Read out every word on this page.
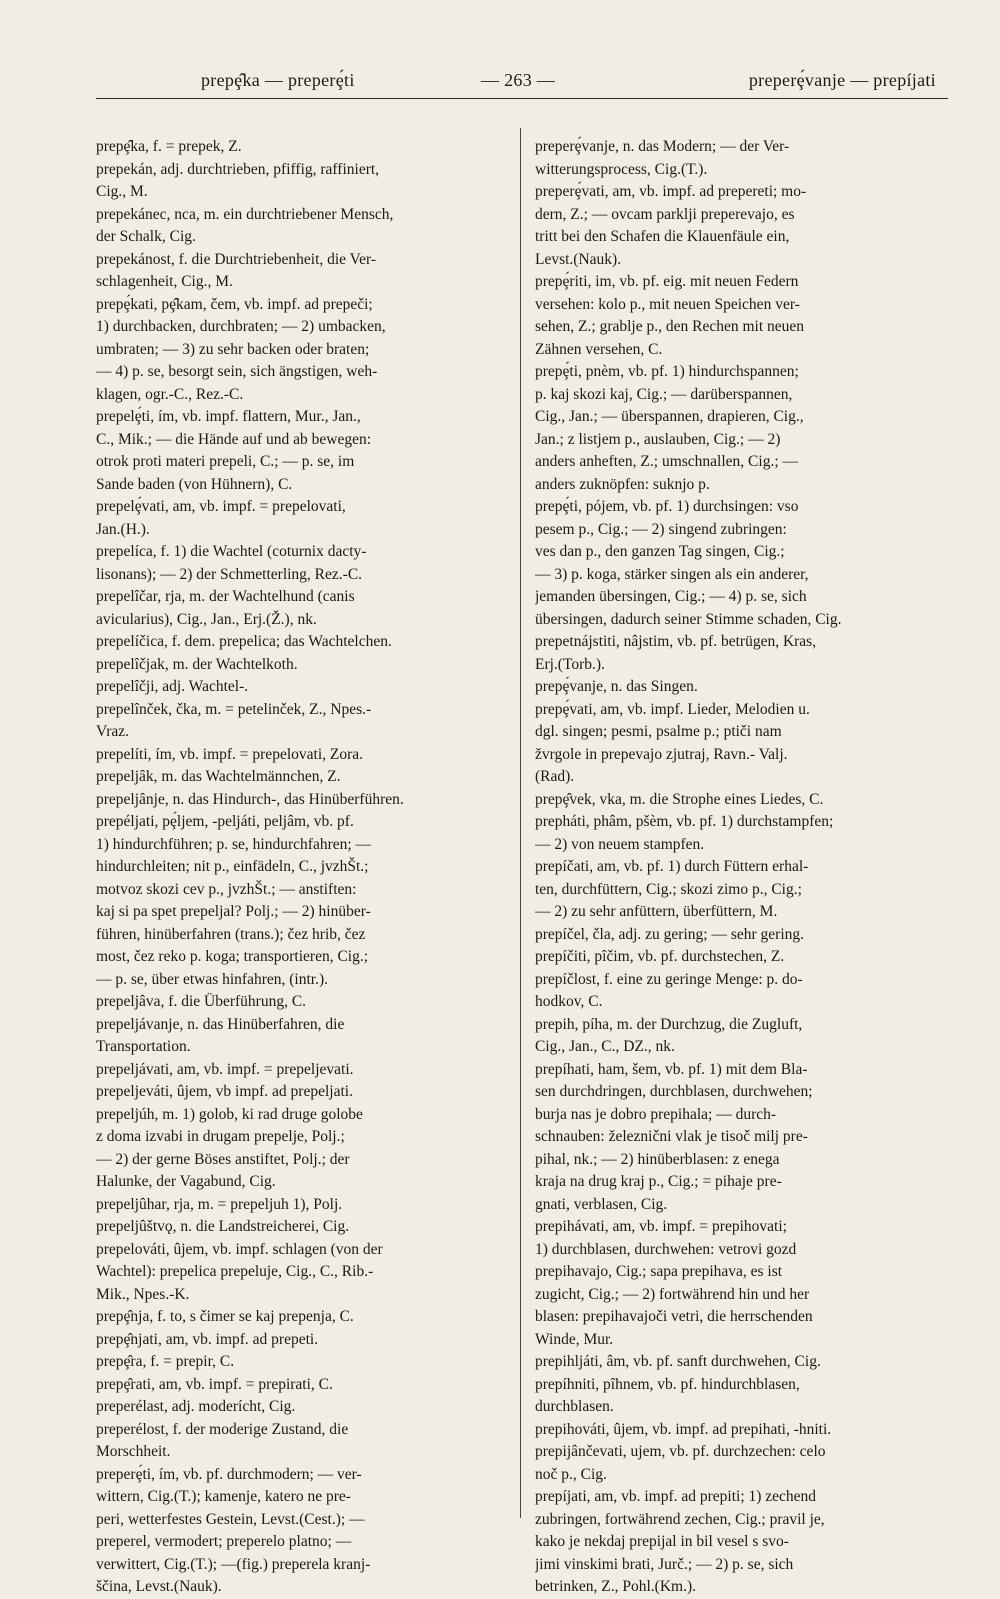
prepȩ̂ka — preperȩ́ti	— 263 —	preperȩ́vanje — prepíjati
prepȩ̂ka, f. = prepek, Z.
prepekán, adj. durchtrieben, pfiffig, raffiniert,
Cig., M.
prepekánec, nca, m. ein durchtriebener Mensch,
der Schalk, Cig.
prepekánost, f. die Durchtriebenheit, die Ver-
schlagenheit, Cig., M.
prepȩ́kati, pȩ̂kam, čem, vb. impf. ad prepeči;
1) durchbacken, durchbraten; — 2) umbacken,
umbraten; — 3) zu sehr backen oder braten;
— 4) p. se, besorgt sein, sich ängstigen, weh-
klagen, ogr.-C., Rez.-C.
prepelȩ́ti, ím, vb. impf. flattern, Mur., Jan.,
C., Mik.; — die Hände auf und ab bewegen:
otrok proti materi prepeli, C.; — p. se, im
Sande baden (von Hühnern), C.
prepelȩ́vati, am, vb. impf. = prepelovati,
Jan.(H.).
prepelíca, f. 1) die Wachtel (coturnix dacty-
lisonans); — 2) der Schmetterling, Rez.-C.
prepelîčar, rja, m. der Wachtelhund (canis
avicularius), Cig., Jan., Erj.(Ž.), nk.
prepelíčica, f. dem. prepelica; das Wachtelchen.
prepelîčjak, m. der Wachtelkoth.
prepelîčji, adj. Wachtel-.
prepelînček, čka, m. = petelinček, Z., Npes.-
Vraz.
prepelíti, ím, vb. impf. = prepelovati, Zora.
prepeljȃk, m. das Wachtelmännchen, Z.
prepeljȃnje, n. das Hindurch-, das Hinüberführen.
prepéljati, pȩ́ljem, -peljáti, peljâm, vb. pf.
1) hindurchführen; p. se, hindurchfahren; —
hindurchleiten; nit p., einfädeln, C., jvzhŠt.;
motvoz skozi cev p., jvzhŠt.; — anstiften:
kaj si pa spet prepeljal? Polj.; — 2) hinüber-
führen, hinüberfahren (trans.); čez hrib, čez
most, čez reko p. koga; transportieren, Cig.;
— p. se, über etwas hinfahren, (intr.).
prepeljâva, f. die Überführung, C.
prepeljávanje, n. das Hinüberfahren, die
Transportation.
prepeljávati, am, vb. impf. = prepeljevati.
prepeljeváti, ûjem, vb impf. ad prepeljati.
prepeljúh, m. 1) golob, ki rad druge golobe
z doma izvabi in drugam prepelje, Polj.;
— 2) der gerne Böses anstiftet, Polj.; der
Halunke, der Vagabund, Cig.
prepeljûhar, rja, m. = prepeljuh 1), Polj.
prepeljûštvǫ, n. die Landstreicherei, Cig.
prepelováti, ûjem, vb. impf. schlagen (von der
Wachtel): prepelica prepeluje, Cig., C., Rib.-
Mik., Npes.-K.
prepȩ̂nja, f. to, s čimer se kaj prepenja, C.
prepȩ̂njati, am, vb. impf. ad prepeti.
prepȩ̂ra, f. = prepir, C.
prepȩ̂rati, am, vb. impf. = prepirati, C.
preperélast, adj. moderícht, Cig.
preperélost, f. der moderige Zustand, die
Morschheit.
preperȩ́ti, ím, vb. pf. durchmodern; — ver-
wittern, Cig.(T.); kamenje, katero ne pre-
peri, wetterfestes Gestein, Levst.(Cest.); —
preperel, vermodert; preperelo platno; —
verwittert, Cig.(T.); —(fig.) preperela kranj-
ščina, Levst.(Nauk).
preperȩ́vanje, n. das Modern; — der Ver-
witterungsprocess, Cig.(T.).
preperȩ́vati, am, vb. impf. ad prepereti; mo-
dern, Z.; — ovcam parklji preperevajo, es
tritt bei den Schafen die Klauenfäule ein,
Levst.(Nauk).
prepȩ́riti, im, vb. pf. eig. mit neuen Federn
versehen: kolo p., mit neuen Speichen ver-
sehen, Z.; grablje p., den Rechen mit neuen
Zähnen versehen, C.
prepȩ́ti, pnèm, vb. pf. 1) hindurchspannen;
p. kaj skozi kaj, Cig.; — darüberspannen,
Cig., Jan.; — überspannen, drapieren, Cig.,
Jan.; z listjem p., auslauben, Cig.; — 2)
anders anheften, Z.; umschnallen, Cig.; —
anders zuknöpfen: suknjo p.
prepȩ́ti, pójem, vb. pf. 1) durchsingen: vso
pesem p., Cig.; — 2) singend zubringen:
ves dan p., den ganzen Tag singen, Cig.;
— 3) p. koga, stärker singen als ein anderer,
jemanden übersingen, Cig.; — 4) p. se, sich
übersingen, dadurch seiner Stimme schaden, Cig.
prepetnájstiti, nâjstim, vb. pf. betrügen, Kras,
Erj.(Torb.).
prepȩ́vanje, n. das Singen.
prepȩ́vati, am, vb. impf. Lieder, Melodien u.
dgl. singen; pesmi, psalme p.; ptiči nam
žvrgole in prepevajo zjutraj, Ravn.- Valj.
(Rad).
prepȩ̂vek, vka, m. die Strophe eines Liedes, C.
prepháti, phâm, pšèm, vb. pf. 1) durchstampfen;
— 2) von neuem stampfen.
prepíčati, am, vb. pf. 1) durch Füttern erhal-
ten, durchfüttern, Cig.; skozi zimo p., Cig.;
— 2) zu sehr anfüttern, überfüttern, M.
prepíčel, čla, adj. zu gering; — sehr gering.
prepíčiti, pîčim, vb. pf. durchstechen, Z.
prepíčlost, f. eine zu geringe Menge: p. do-
hodkov, C.
prepih, píha, m. der Durchzug, die Zugluft,
Cig., Jan., C., DZ., nk.
prepíhati, ham, šem, vb. pf. 1) mit dem Bla-
sen durchdringen, durchblasen, durchwehen;
burja nas je dobro prepihala; — durch-
schnauben: železnični vlak je tisoč milj pre-
pihal, nk.; — 2) hinüberblasen: z enega
kraja na drug kraj p., Cig.; = pihaje pre-
gnati, verblasen, Cig.
prepihávati, am, vb. impf. = prepihovati;
1) durchblasen, durchwehen: vetrovi gozd
prepihavajo, Cig.; sapa prepihava, es ist
zugicht, Cig.; — 2) fortwährend hin und her
blasen: prepihavajoči vetri, die herrschenden
Winde, Mur.
prepihljáti, âm, vb. pf. sanft durchwehen, Cig.
prepíhniti, pîhnem, vb. pf. hindurchblasen,
durchblasen.
prepihováti, ûjem, vb. impf. ad prepihati, -hniti.
prepijânčevati, ujem, vb. pf. durchzechen: celo
noč p., Cig.
prepíjati, am, vb. impf. ad prepiti; 1) zechend
zubringen, fortwährend zechen, Cig.; pravil je,
kako je nekdaj prepijal in bil vesel s svo-
jimi vinskimi brati, Jurč.; — 2) p. se, sich
betrinken, Z., Pohl.(Km.).
